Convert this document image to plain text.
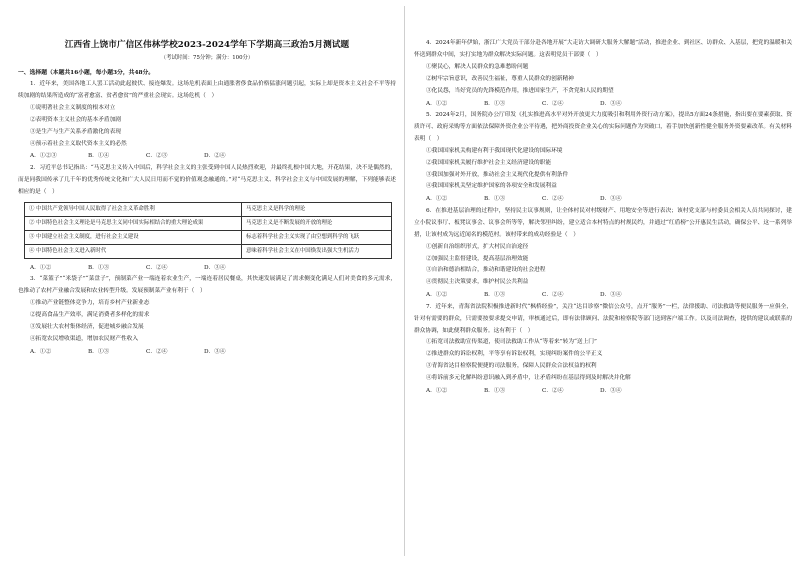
江西省上饶市广信区伟林学校2023-2024学年下学期高三政治5月测试题
（考试时间：75分钟；满分：100分）
一、选择题（本题共16小题，每小题3分，共48分。

1．近年来，美国各地工人罢工活动此起彼伏、接连爆发。这场危机表面上由通胀奢侈食品价格猛涨问题引起，实际上却是资本主义社会不平等持续加剧的结果所造成的“富者愈富、贫者愈贫”的严重社会现实。这场危机（　）

①说明著社会主义制度的根本对立

②表明资本主义社会的基本矛盾加剧

③是生产与生产关系矛盾激化的表现

④预示着社会主义取代资本主义的必然

A．①②③	B．①④	C．②③	D．②④

2．习近平总书记指出：“马克思主义传入中国后，科学社会主义的主张受到中国人民热烈欢迎，并最终扎根中国大地，开花结果，决不是偶然的，而是同我国传承了几千年的优秀传统文化和广大人民日用而不觉的价值观念融通的。”对“马克思主义、科学社会主义与中国发展的理解，下列能够表述相应的是（　）

① 中国共产党领导中国人民取得了社会主义革命胜利	马克思主义是科学的理论
② 中国特色社会主义理论是马克思主义同中国实际相结合的重大理论成果	马克思主义是不断发展的开放的理论
③ 中国建立社会主义制度，进行社会主义建设	标志着科学社会主义实现了由空想到科学的飞跃
④ 中国特色社会主义进入新时代	意味着科学社会主义在中国焕发出强大生机活力
A．①②	B．①③	C．②④	D．③④

3．“菜篮子”“米袋子”“菜盘子”，预制菜产业一端连着农业生产，一端连着居民餐桌，其快速发展满足了需求侧变化满足人们对美食的多元需求，也推动了农村产业融合发展和农业转型升级。发展预制菜产业有利于（　）

①推动产业链整体竞争力，培育乡村产业新业态

②提高食品生产效率，满足消费者多样化的需求

③发展壮大农村集体经济，促进城乡融合发展

④拓宽农民增收渠道，增加农民财产性收入

A．①②	B．①③	C．②④	D．③④

4．2024年新年伊始，浙江广大党员干部分赴各地开展“大走访大调研大服务大解题”活动，推进企业、到社区、访群众、入基层，把党的温暖和关怀送到群众中间，实打实地为群众解决实际问题。这表明党员干部要（　）

①聚民心，解决人民群众的急难愁盼问题

②树牢宗旨意识，改善民生福祉，尊重人民群众的创新精神

③化民怨，当好党员的先锋模范作用，推进国家生产，不贪党和人民的期望

A．①②	B．①③	C．②④	D．③④

5．2024年2月，国务院办公厅印发《扎实推进高水平对外开放更大力度吸引和利用外资行动方案》，提出5方面24条措施，指出要在要素获取、资质许可、政府采购等方面依法保障外资企业公平待遇，把外商投资企业关心的实际问题作为突破口，着手加快创新性健全服务外资要素改革。有关材料表明（　）

①我国国家机关构建有利于我国现代化建设的国际环境

②我国国家机关履行维护社会主义经济建设的职能

③我国加强对外开放，推动社会主义现代化提供有利条件

④我国国家机关坚定维护国家的各项安全和发展利益

A．①②	B．①③	C．②④	D．③④

6．在推进基层治理的过程中，坚持民主议事规则，让全体村民对村级财产、用地安全等进行表决；该村党支部与村委员会相关人员共同探讨，建立小院议事厅、板凳议事会、议事会所等等，解决邻里纠纷，建立适合本村特点的村规民约，并通过“红盾榜”公开惠民生活动，确保公平、这一系列举措，让该村成为远近闻名的模范村。该村带来的成功经验是（　）

①创新自治组织形式，扩大村民自治途径

②加强民主监督建设，提高基层治理效能

③自治和德治相结合，推动和谐建设的社会进程

④贯彻民主决策要求，维护村民公共利益

A．①②	B．①③	C．②④	D．③④

7．近年来，青海省法院积极推进新时代“枫桥经验”，关注“达目诊察”微信公众号，点开“服务”一栏，法律援助、司法救助等便民服务一应俱全，针对有需要的群众，只需要按要求提交申请，审核通过后，即有法律顾问、法院和检察院等部门送到客户端工作。以及司法调查，提供的建议或联系的群众协调，如此便利群众服务。这有利于（　）

①拓宽司法救助宣传渠道，使司法救助工作从“等着来”转为“送上门”

②推进群众的诉讼权利，平等享有诉讼权利，实现纠纷案件的公平正义

③青海省达目检察院便捷的司法服务，保障人民群众合法权益的权利

④将诉前多元化解纠纷意识融入到矛盾中，让矛盾纠纷在基层得到及时解决并化解

A．①②	B．①③	C．②④	D．③④
